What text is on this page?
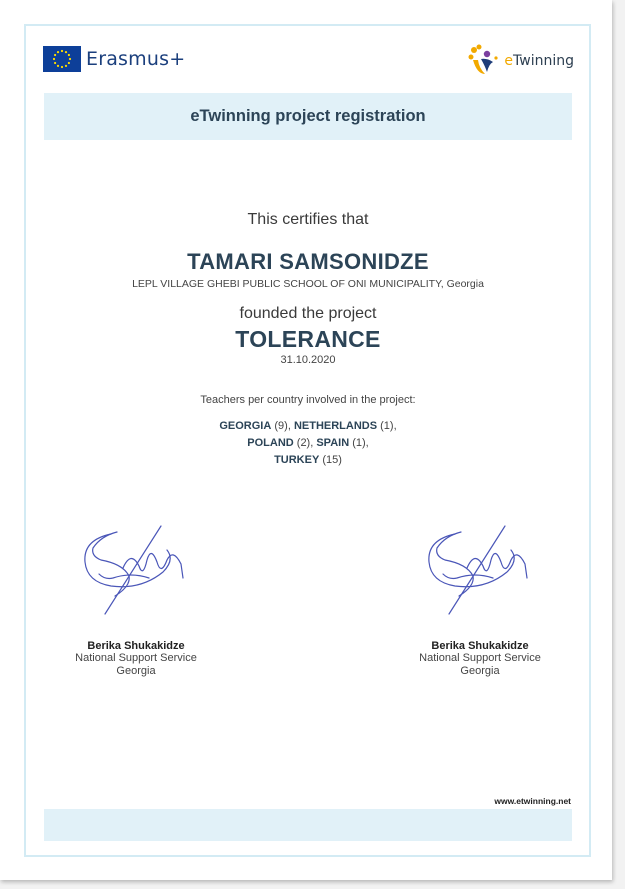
Erasmus+	eTwinning
eTwinning project registration
This certifies that
TAMARI SAMSONIDZE
LEPL VILLAGE GHEBI PUBLIC SCHOOL OF ONI MUNICIPALITY, Georgia
founded the project
TOLERANCE
31.10.2020
Teachers per country involved in the project:
GEORGIA (9), NETHERLANDS (1),
POLAND (2), SPAIN (1),
TURKEY (15)
Berika Shukakidze
National Support Service
Georgia
Berika Shukakidze
National Support Service
Georgia
www.etwinning.net
